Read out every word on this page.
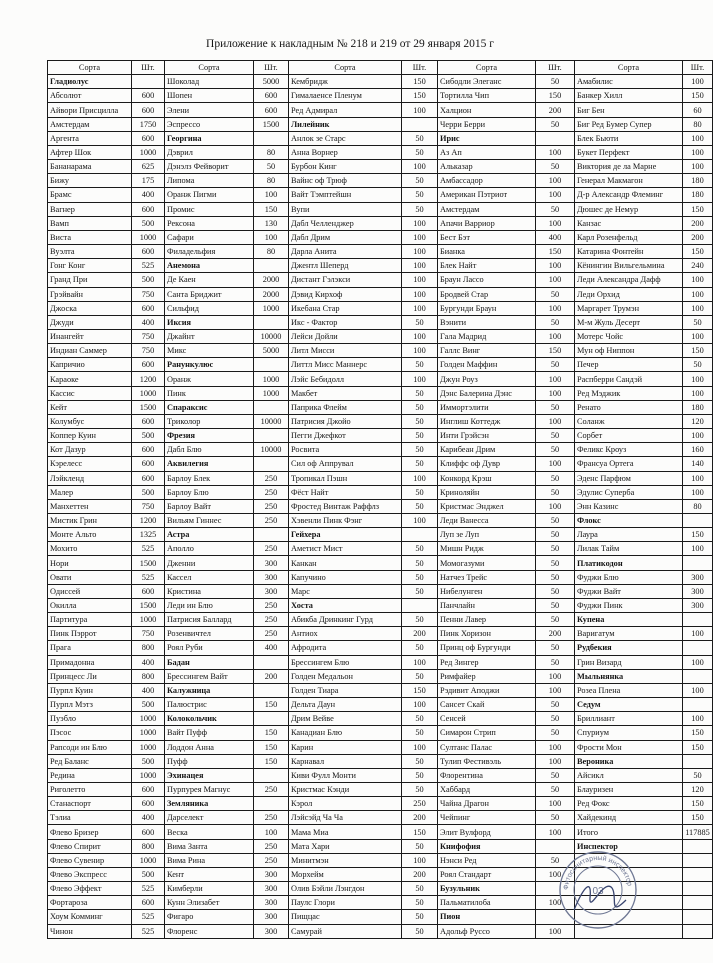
Приложение к накладным № 218 и 219 от 29 января 2015 г
Сорта	Шт.	Сорта	Шт.	Сорта	Шт.	Сорта	Шт.	Сорта	Шт.
Гладиолус		Шоколад	5000	Кембридж	150	Сибодли Элеганс	50	Амабилис	100
Абсолют	600	Шопен	600	Гималаенсе Пленум	150	Тортилла Чип	150	Банкер Хилл	150
Айвори Присцилла	600	Элени	600	Ред Адмирал	100	Халцион	200	Биг Бен	60
Амстердам	1750	Эспрессо	1500	Лилейник		Черри Берри	50	Биг Ред Бумер Супер	80
Аргента	600	Георгина		Анлок зе Старс	50	Ирис		Блек Бьюти	100
Афтер Шок	1000	Дэврил	80	Анна Ворнер	50	Аз Ап	100	Букет Перфект	100
Бананарама	625	Дэнэлз Фейворит	50	Бурбон Кинг	100	Альказар	50	Виктория де ла Марне	100
Бижу	175	Липома	80	Вайнс оф Трюф	50	Амбассадор	100	Генерал Макмагон	180
Брамс	400	Оранж Пигми	100	Вайт Тэмптейшн	50	Американ Пэтриот	100	Д-р Александр Флеминг	180
Вагнер	600	Промис	150	Вупи	50	Амстердам	50	Дюшес де Немур	150
Вамп	500	Рексона	130	Дабл Челленджер	100	Апачи Варриор	100	Канзас	200
Виста	1000	Сафари	100	Дабл Дрим	100	Бест Бэт	400	Карл Розенфельд	200
Вуэлта	600	Филадельфия	80	Дарла Анита	100	Бианка	150	Катарина Фонтейн	150
Гонг Конг	525	Анемона		Джентл Шеперд	100	Блек Найт	100	Кёнингин Вильгельмина	240
Гранд При	500	Де Каен	2000	Дистант Гэлэкси	100	Браун Лассо	100	Леди Александра Дафф	100
Грэйвайн	750	Санта Бриджит	2000	Дэвид Кирхоф	100	Бродвей Стар	50	Леди Орхид	100
Джоска	600	Сильфид	1000	Икебана Стар	100	Бургунди Браун	100	Маргарет Трумэн	100
Джуди	400	Иксия		Икс - Фактор	50	Вэнити	50	М-м Жуль Десерт	50
Инангейт	750	Джайнт	10000	Лейси Дойли	100	Гала Мадрид	100	Мотерс Чойс	100
Индиан Саммер	750	Микс	5000	Литл Мисси	100	Галлс Винг	150	Мун оф Ниппон	150
Капричио	600	Ранункулюс		Литтл Мисс Маннерс	50	Голден Маффин	50	Печер	50
Караоке	1200	Оранж	1000	Лэйс Бебидолл	100	Джун Роуз	100	Распберри Сандэй	100
Кассис	1000	Пинк	1000	Макбет	50	Дэнс Балерина Дэнс	100	Ред Мэджик	100
Кейт	1500	Спараксис		Паприка Флейм	50	Иммортэлити	50	Ренато	180
Колумбус	600	Триколор	10000	Патрисия Джойо	50	Инглиш Коттедж	100	Соланж	120
Коппер Куин	500	Фрезия		Пегги Джефкот	50	Инти Грэйсэн	50	Сорбет	100
Кот Дазур	600	Дабл Блю	10000	Росвита	50	Карибеан Дрим	50	Феликс Кроуз	160
Кэрелесс	600	Аквилегия		Сил оф Аппрувал	50	Клиффс оф Дувр	100	Франсуа Ортега	140
Лэйкленд	600	Барлоу Блек	250	Тропикал Пэшн	100	Конкорд Крэш	50	Эденс Парфюм	100
Малер	500	Барлоу Блю	250	Фёст Найт	50	Криноляйн	50	Эдулис Суперба	100
Манхеттен	750	Барлоу Вайт	250	Фростед Винтаж Раффлз	50	Кристмас Энджел	100	Энн Казинс	80
Мистик Грин	1200	Вильям Гиннес	250	Хэвенли Пинк Фэнг	100	Леди Ванесса	50	Флокс	
Монте Альто	1325	Астра		Гейхера		Луп зе Луп	50	Лаура	150
Мохито	525	Аполло	250	Аметист Мист	50	Мишн Ридж	50	Лилак Тайм	100
Нори	1500	Дженни	300	Канкан	50	Момогазуми	50	Платикодон	
Овати	525	Кассел	300	Капучино	50	Натчез Трейс	50	Фуджи Блю	300
Одиссей	600	Кристина	300	Марс	50	Нибелунген	50	Фуджи Вайт	300
Окилла	1500	Леди ин Блю	250	Хоста		Панчлайн	50	Фуджи Пинк	300
Партитура	1000	Патрисия Баллард	250	Абикба Дринкинг Гурд	50	Пенни Лавер	50	Купена	
Пинк Пэррот	750	Розенвичтел	250	Антиох	200	Пинк Хоризон	200	Варигатум	100
Прага	800	Роял Руби	400	Афродита	50	Принц оф Бургунди	50	Рудбекия	
Примадонна	400	Бадан		Брессингем Блю	100	Ред Зингер	50	Грин Визард	100
Принцесс Ли	800	Брессингем Вайт	200	Голден Медальон	50	Римфайер	100	Мыльнянка	
Пурпл Куин	400	Калужница		Голден Тиара	150	Рэдивит Аподжи	100	Розеа Плена	100
Пурпл Мэтз	500	Палюстрис	150	Дельта Даун	100	Сансет Скай	50	Седум	
Пуэбло	1000	Колокольчик		Дрим Вейве	50	Сенсей	50	Бриллиант	100
Пэсос	1000	Вайт Пуфф	150	Канадиан Блю	50	Симарон Стрип	50	Спуриум	150
Рапсоди ин Блю	1000	Лоддон Анна	150	Карин	100	Султанс Палас	100	Фрости Мон	150
Ред Баланс	500	Пуфф	150	Карнавал	50	Тулип Фестивэль	100	Вероника	
Редина	1000	Эхинацея		Киви Фулл Монти	50	Флорентина	50	Айсикл	50
Риголетто	600	Пурпурея Магнус	250	Кристмас Кэнди	50	Хаббард	50	Блауризен	120
Станаспорт	600	Земляника		Кэрол	250	Чайна Драгон	100	Ред Фокс	150
Тэлиа	400	Дарселект	250	Лэйсэйд Ча Ча	200	Чейпинг	50	Хайдекинд	150
Флево Бризер	600	Веска	100	Мама Миа	150	Элит Вулфорд	100	Итого	117885
Флево Спирит	800	Вима Занта	250	Мата Хари	50	Книфофия		Инспектор	
Флево Сувенир	1000	Вима Рина	250	Минитмэн	100	Нэнси Ред	50		
Флево Экспресс	500	Кент	300	Морхейм	200	Роял Стандарт	100		
Флево Эффект	525	Кимберли	300	Олив Бэйли Лэнгдон	50	Бузульник			
Фортароза	600	Кунн Элизабет	300	Паулс Глори	50	Пальматилоба	100		
Хоум Комминг	525	Фигаро	300	Пищцас	50	Пион			
Чинон	525	Флоренс	300	Самурай	50	Адольф Руссо	100		
Фитосанитарный инспектор
03
